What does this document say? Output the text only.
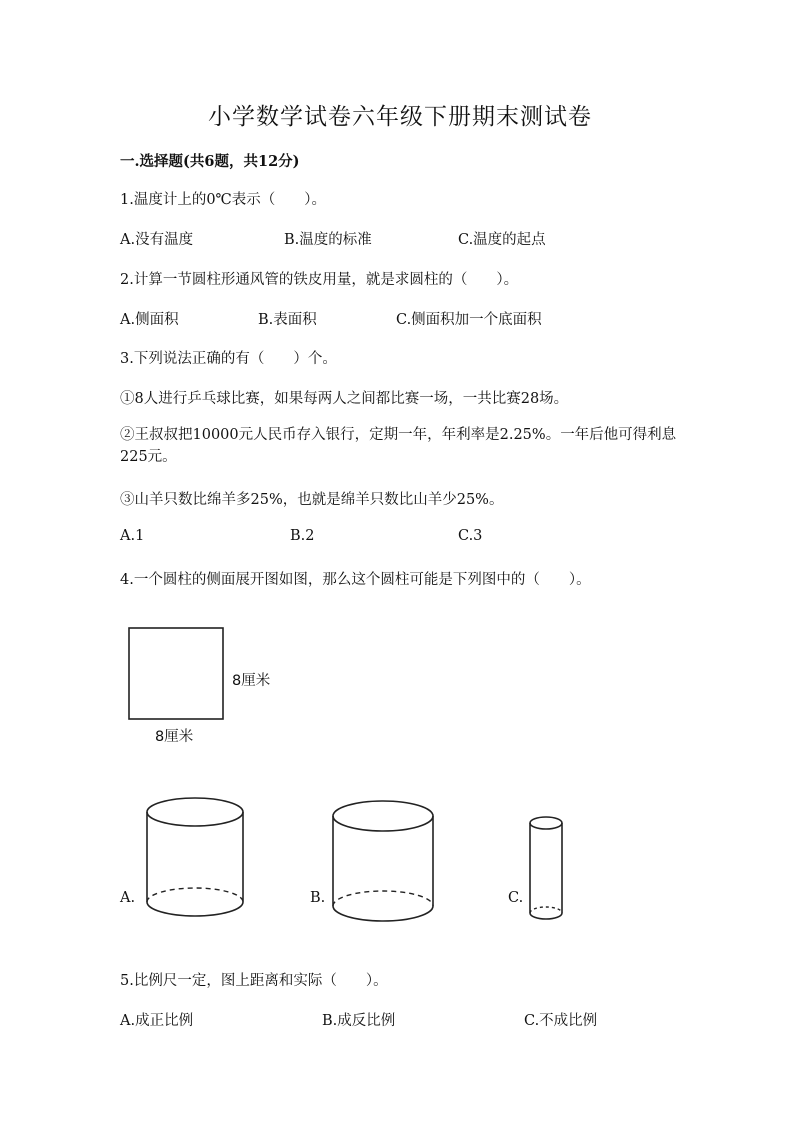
小学数学试卷六年级下册期末测试卷
一.选择题(共6题，共12分)
1.温度计上的0℃表示（　　）。
A.没有温度	B.温度的标准	C.温度的起点
2.计算一节圆柱形通风管的铁皮用量，就是求圆柱的（　　）。
A.侧面积	B.表面积	C.侧面积加一个底面积
3.下列说法正确的有（　　）个。
①8人进行乒乓球比赛，如果每两人之间都比赛一场，一共比赛28场。
②王叔叔把10000元人民币存入银行，定期一年，年利率是2.25%。一年后他可得利息225元。
③山羊只数比绵羊多25%，也就是绵羊只数比山羊少25%。
A.1	B.2	C.3
4.一个圆柱的侧面展开图如图，那么这个圆柱可能是下列图中的（　　）。
8厘米
8厘米
A.	B.	C.
5.比例尺一定，图上距离和实际（　　）。
A.成正比例	B.成反比例	C.不成比例
